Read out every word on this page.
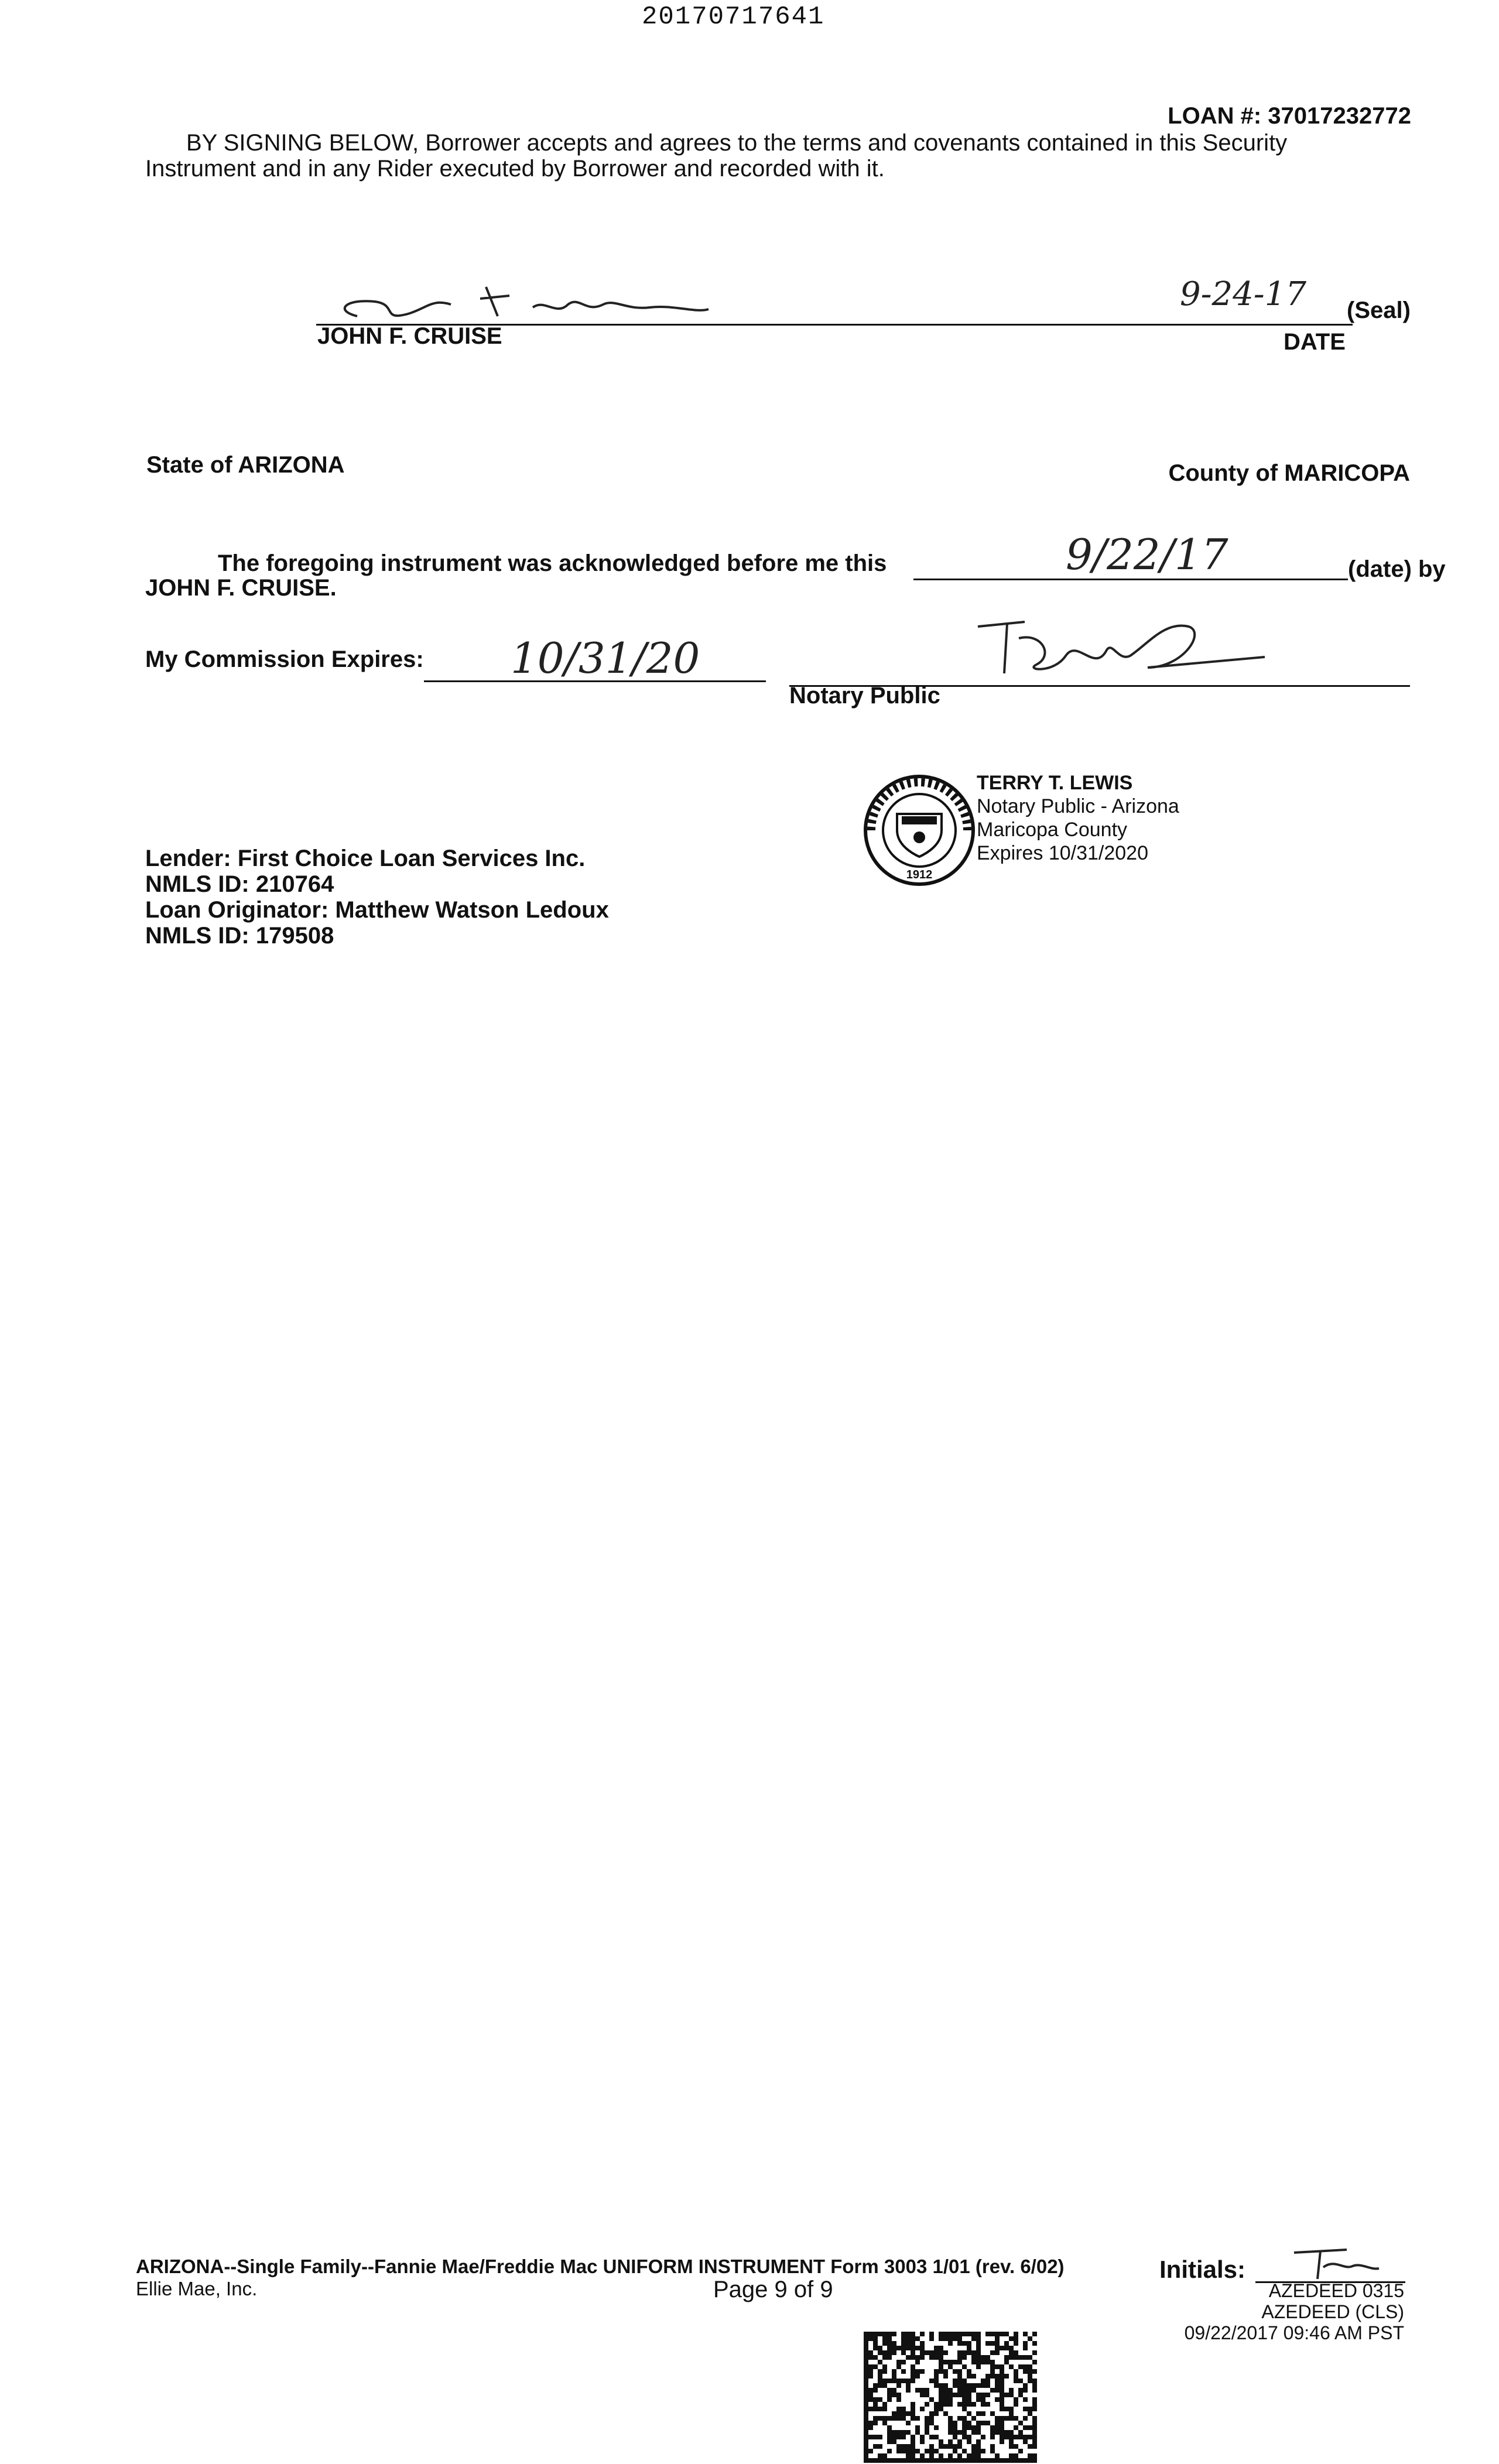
20170717641
LOAN #: 37017232772
BY SIGNING BELOW, Borrower accepts and agrees to the terms and covenants contained in this Security
Instrument and in any Rider executed by Borrower and recorded with it.
JOHN F. CRUISE
9-24-17 (Seal)
DATE
State of ARIZONA	County of MARICOPA
The foregoing instrument was acknowledged before me this	9/22/17	(date) by
JOHN F. CRUISE.
My Commission Expires: 10/31/20
Notary Public
1912
TERRY T. LEWIS
Notary Public - Arizona
Maricopa County
Expires 10/31/2020
Lender: First Choice Loan Services Inc.
NMLS ID: 210764
Loan Originator: Matthew Watson Ledoux
NMLS ID: 179508
ARIZONA--Single Family--Fannie Mae/Freddie Mac UNIFORM INSTRUMENT Form 3003 1/01 (rev. 6/02)
Ellie Mae, Inc.	Page 9 of 9
Initials:
AZEDEED 0315
AZEDEED (CLS)
09/22/2017 09:46 AM PST
